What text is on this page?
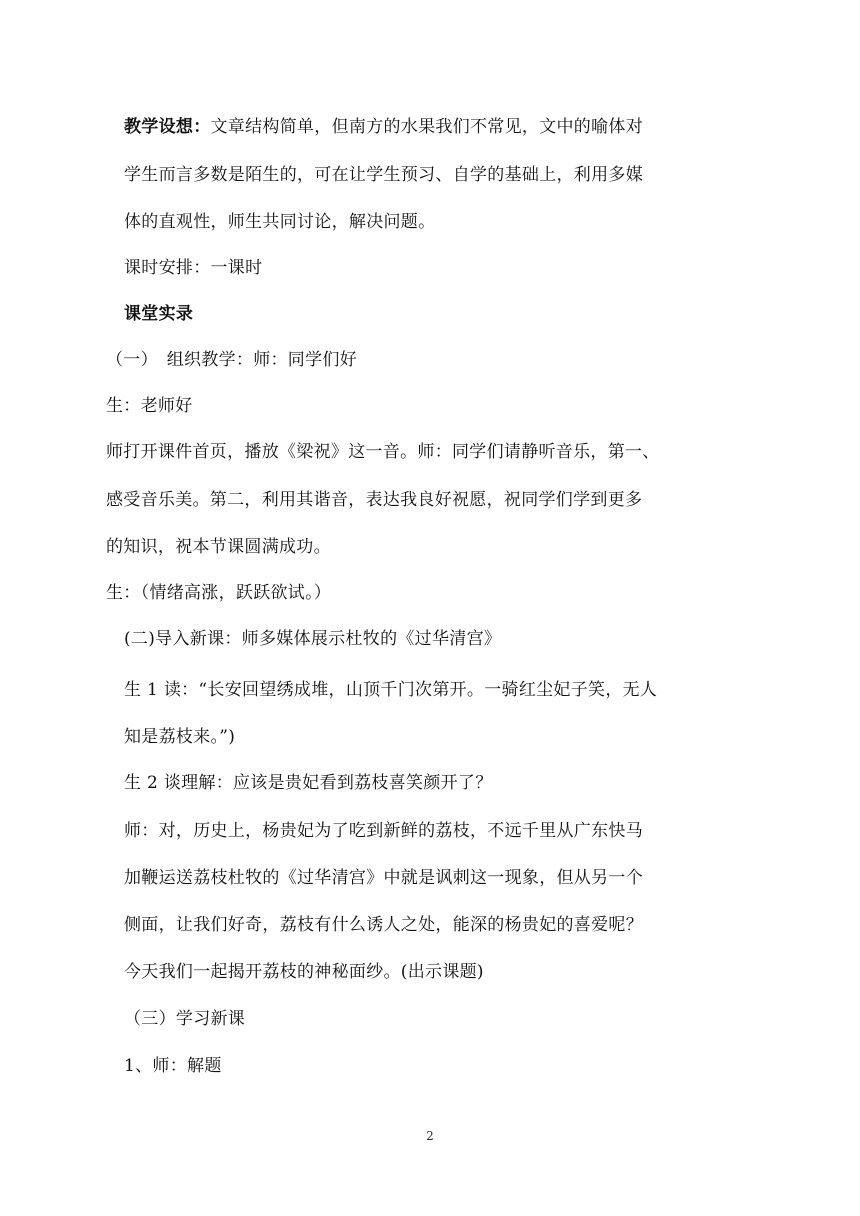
教学设想：文章结构简单，但南方的水果我们不常见，文中的喻体对
学生而言多数是陌生的，可在让学生预习、自学的基础上，利用多媒
体的直观性，师生共同讨论，解决问题。
课时安排：一课时
课堂实录
（一）　组织教学：师：同学们好
生：老师好
师打开课件首页，播放《梁祝》这一音。师：同学们请静听音乐，第一、
感受音乐美。第二，利用其谐音，表达我良好祝愿，祝同学们学到更多
的知识，祝本节课圆满成功。
生：（情绪高涨，跃跃欲试。）
(二)导入新课：师多媒体展示杜牧的《过华清宫》
生 1 读：“长安回望绣成堆，山顶千门次第开。一骑红尘妃子笑，无人
知是荔枝来。”)
生 2 谈理解：应该是贵妃看到荔枝喜笑颜开了？
师：对，历史上，杨贵妃为了吃到新鲜的荔枝，不远千里从广东快马
加鞭运送荔枝杜牧的《过华清宫》中就是讽刺这一现象，但从另一个
侧面，让我们好奇，荔枝有什么诱人之处，能深的杨贵妃的喜爱呢？
今天我们一起揭开荔枝的神秘面纱。(出示课题)
（三）学习新课
1、师：解题
2
